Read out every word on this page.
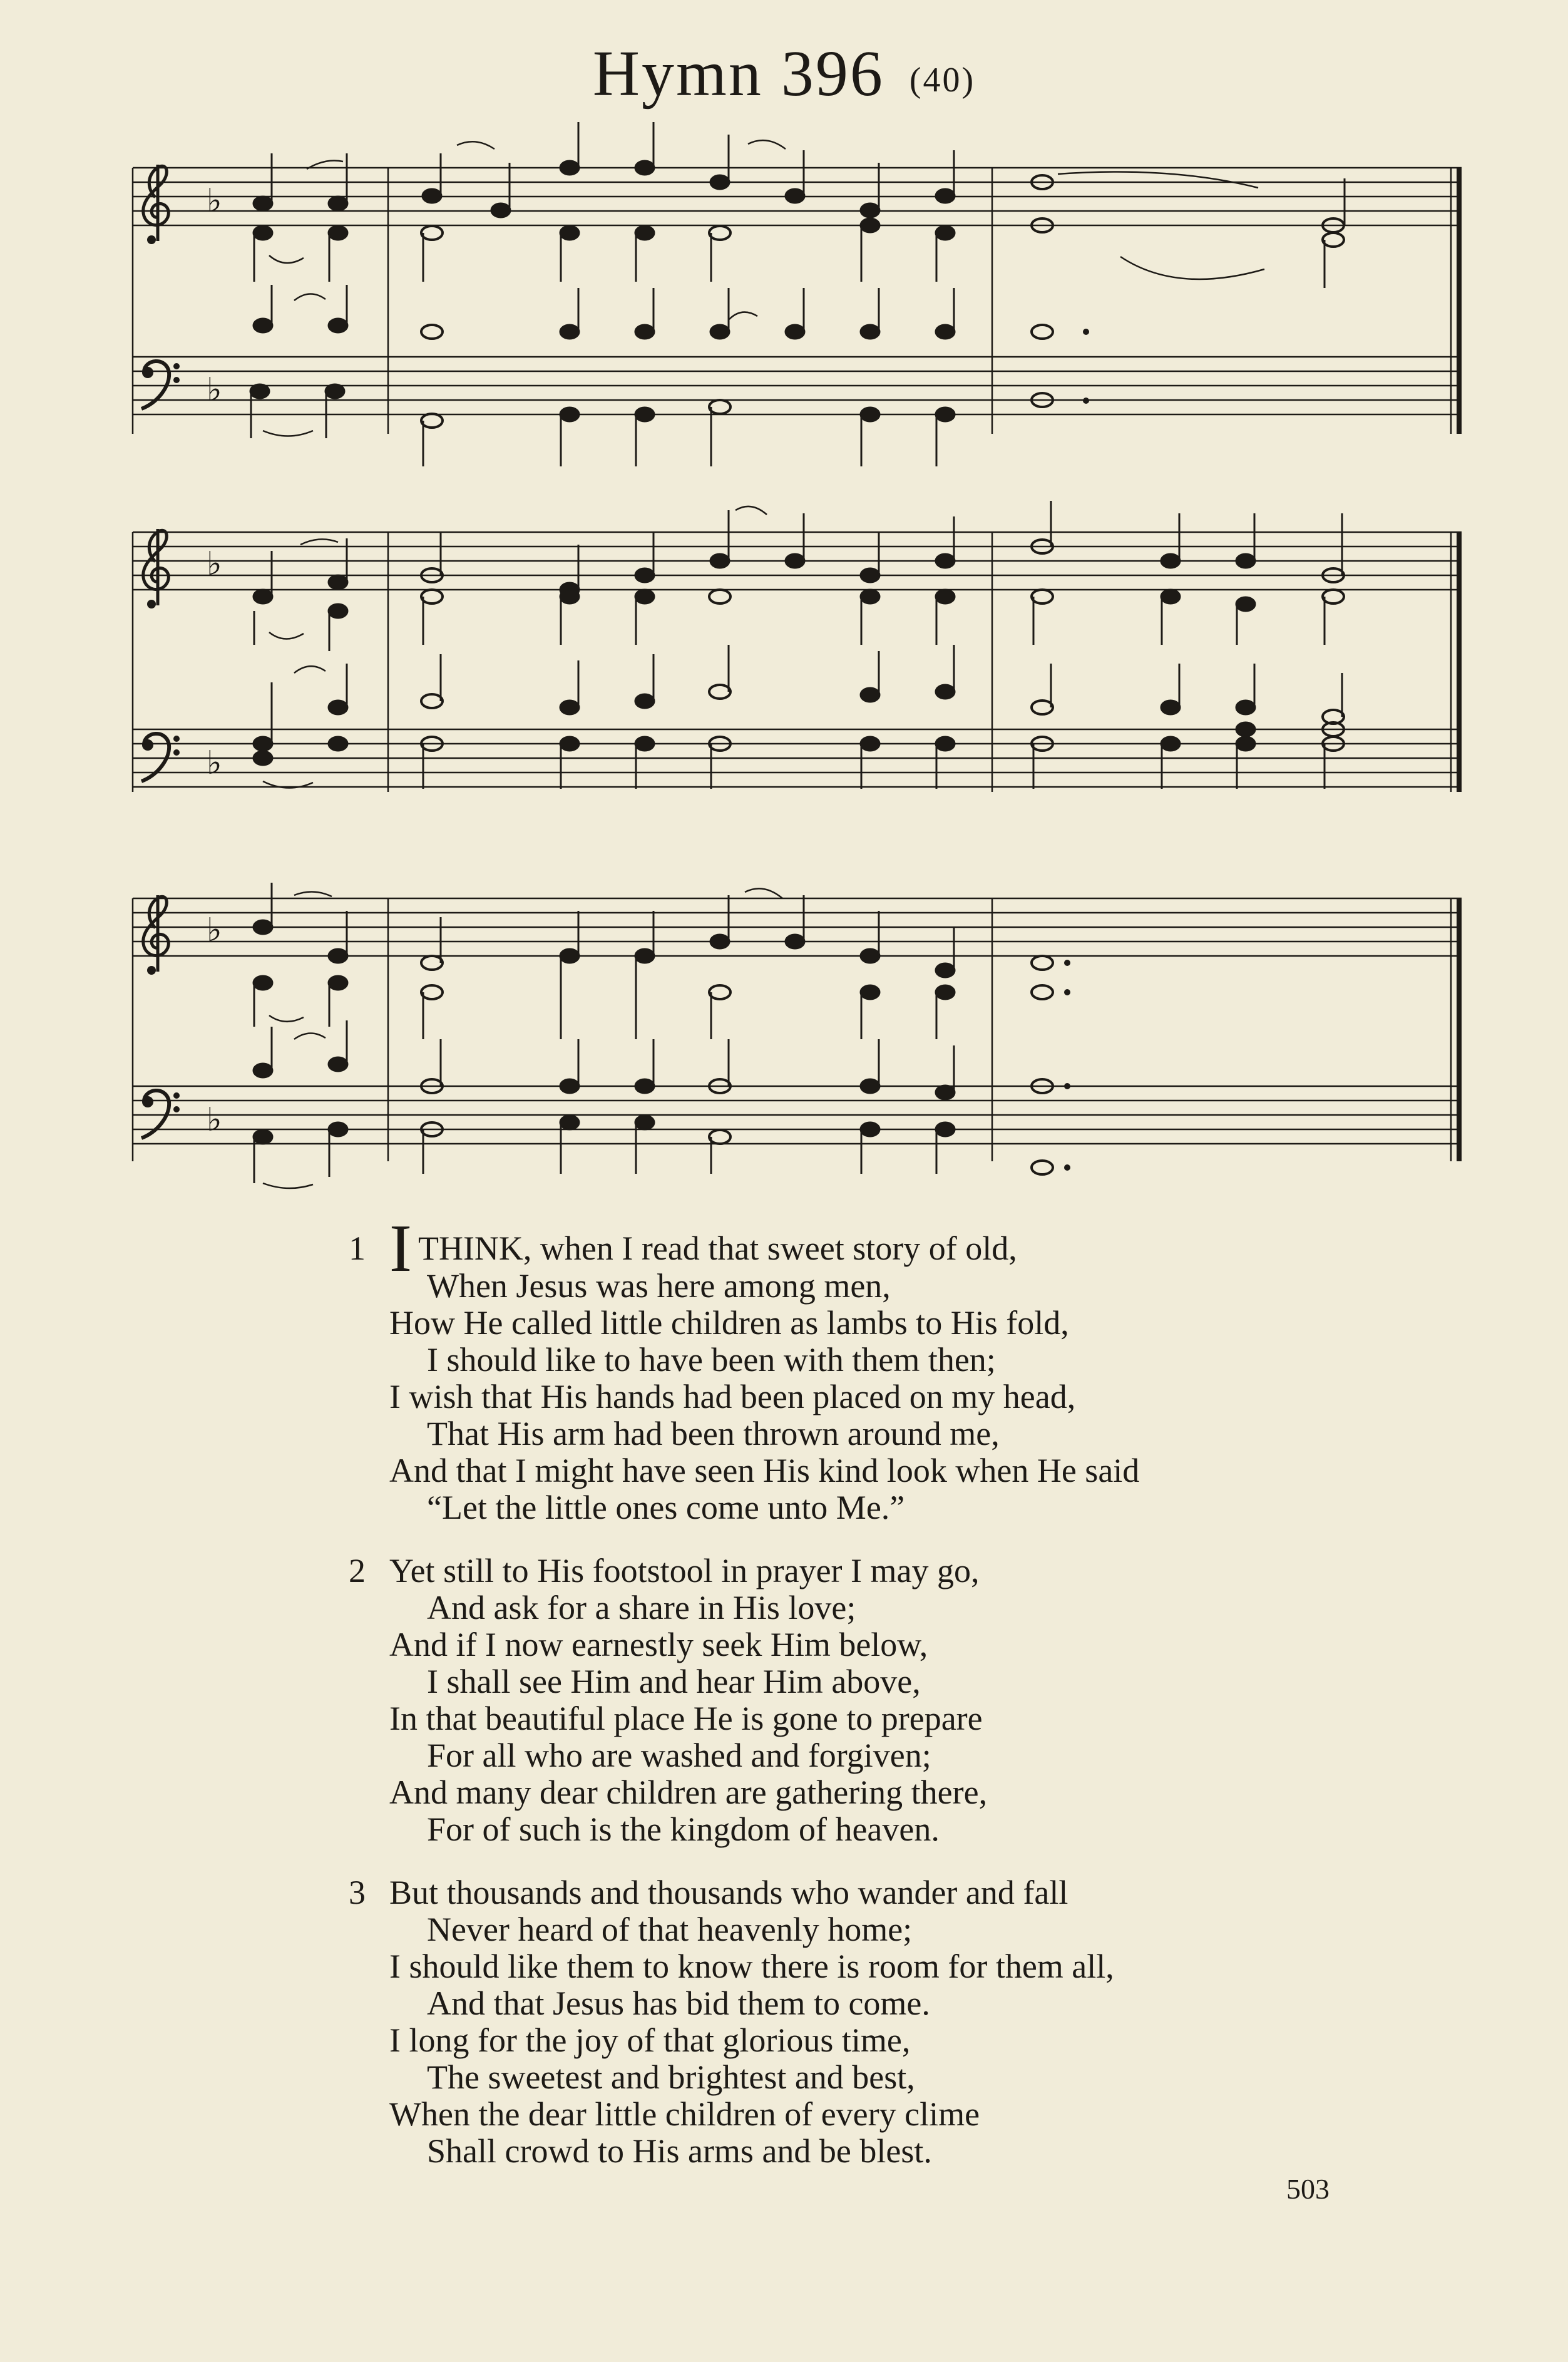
Hymn 396 (40)
♭
♭
♭
♭
♭
♭
1 ITHINK, when I read that sweet story of old,
When Jesus was here among men,
How He called little children as lambs to His fold,
I should like to have been with them then;
I wish that His hands had been placed on my head,
That His arm had been thrown around me,
And that I might have seen His kind look when He said
“Let the little ones come unto Me.”
2 Yet still to His footstool in prayer I may go,
And ask for a share in His love;
And if I now earnestly seek Him below,
I shall see Him and hear Him above,
In that beautiful place He is gone to prepare
For all who are washed and forgiven;
And many dear children are gathering there,
For of such is the kingdom of heaven.
3 But thousands and thousands who wander and fall
Never heard of that heavenly home;
I should like them to know there is room for them all,
And that Jesus has bid them to come.
I long for the joy of that glorious time,
The sweetest and brightest and best,
When the dear little children of every clime
Shall crowd to His arms and be blest.
503
